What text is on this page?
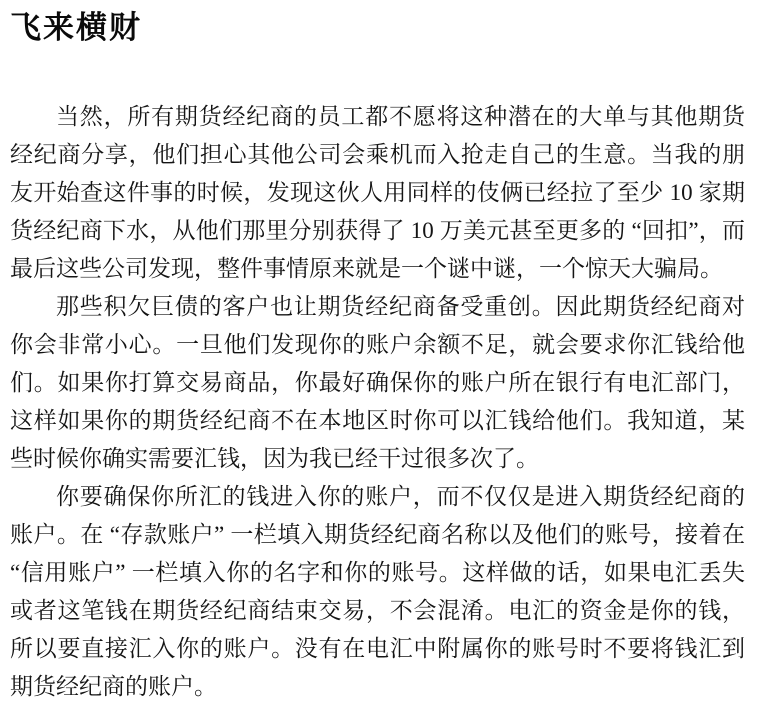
飞来横财

当然，所有期货经纪商的员工都不愿将这种潜在的大单与其他期货经纪商分享，他们担心其他公司会乘机而入抢走自己的生意。当我的朋友开始查这件事的时候，发现这伙人用同样的伎俩已经拉了至少 10 家期货经纪商下水，从他们那里分别获得了 10 万美元甚至更多的 “回扣”，而最后这些公司发现，整件事情原来就是一个谜中谜，一个惊天大骗局。

那些积欠巨债的客户也让期货经纪商备受重创。因此期货经纪商对你会非常小心。一旦他们发现你的账户余额不足，就会要求你汇钱给他们。如果你打算交易商品，你最好确保你的账户所在银行有电汇部门，这样如果你的期货经纪商不在本地区时你可以汇钱给他们。我知道，某些时候你确实需要汇钱，因为我已经干过很多次了。

你要确保你所汇的钱进入你的账户，而不仅仅是进入期货经纪商的账户。在 “存款账户” 一栏填入期货经纪商名称以及他们的账号，接着在 “信用账户” 一栏填入你的名字和你的账号。这样做的话，如果电汇丢失或者这笔钱在期货经纪商结束交易，不会混淆。电汇的资金是你的钱，所以要直接汇入你的账户。没有在电汇中附属你的账号时不要将钱汇到期货经纪商的账户。
